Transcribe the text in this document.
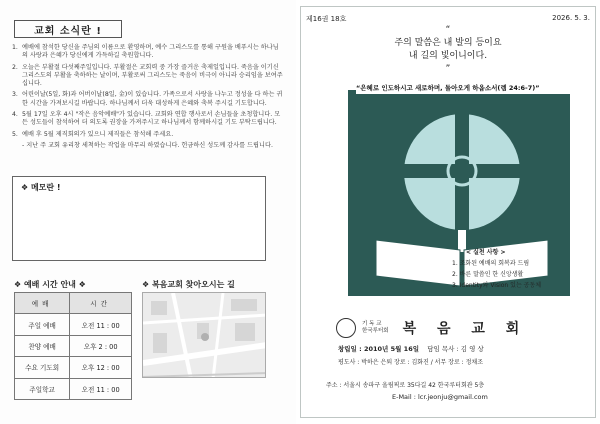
교회 소식란 !
1. 예배에 참석한 당신을 주님의 이름으로 환영하며, 예수 그리스도를 통해 구원을 베푸시는 하나님의 사랑과 은혜가 당신에게 가득하길 축원합니다.
2. 오늘은 부활절 다섯째주일입니다. 부활절은 교회력 중 가장 즐거운 축제일입니다. 죽음을 이기신 그리스도의 부활을 축하하는 날이며, 부활로써 그리스도는 죽음이 비극이 아니라 승리임을 보여주십니다.
3. 어린이날(5일, 화)과 어버이날(8일, 金)이 있습니다. 가족으로서 사랑을 나누고 정성을 다 하는 귀한 시간을 가져보시길 바랍니다. 하나님께서 더욱 대성하게 은혜와 축복 주시길 기도합니다.
4. 5월 17일 오후 4시 "작은 음악예배"가 있습니다. 교회와 연합 행사로서 손님들을 초청합니다. 모든 성도들이 참석하여 더 의도록 권장을 가져주시고 하나님께서 함께하시길 기도 부탁드립니다.
5. 예배 후 5월 제직회의가 있으니 제직들은 참석해 주세요.
- 지난 주 교회 유리창 세척하는 작업을 마무리 하였습니다. 헌금하신 성도께 감사를 드립니다.
❖ 메모란 !
❖ 예배 시간 안내 ❖
예배	시간
주일 예배	오전 11 : 00
찬양 예배	오후 2 : 00
수요 기도회	오후 12 : 00
주일학교	오전 11 : 00
❖ 복음교회 찾아오시는 길
제16권 18호	2026. 5. 3.
“
주의 말씀은 내 발의 등이요
내 길의 빛이니이다.
”
“은혜로 인도하시고 새로하며, 돌아오게 하옵소서(렘 24:6-7)”
< 실천 사항 >
1. 조화된 예배의 회복과 드림
2. 바른 말씀인 한 신앙생활
3. Identity와 Vision 있는 공동체
기 독 교
한국루터회 복 음 교 회
창립일 : 2010년 5월 16일 담임 목사 : 김 영 상
평도사 : 박하은 은퇴 장로 : 김화진 / 서무 장로 : 정채조
주소 : 서울시 송파구 올림픽로 35다길 42 한국루터회관 5층
E-Mail : lcr.jeonju@gmail.com
